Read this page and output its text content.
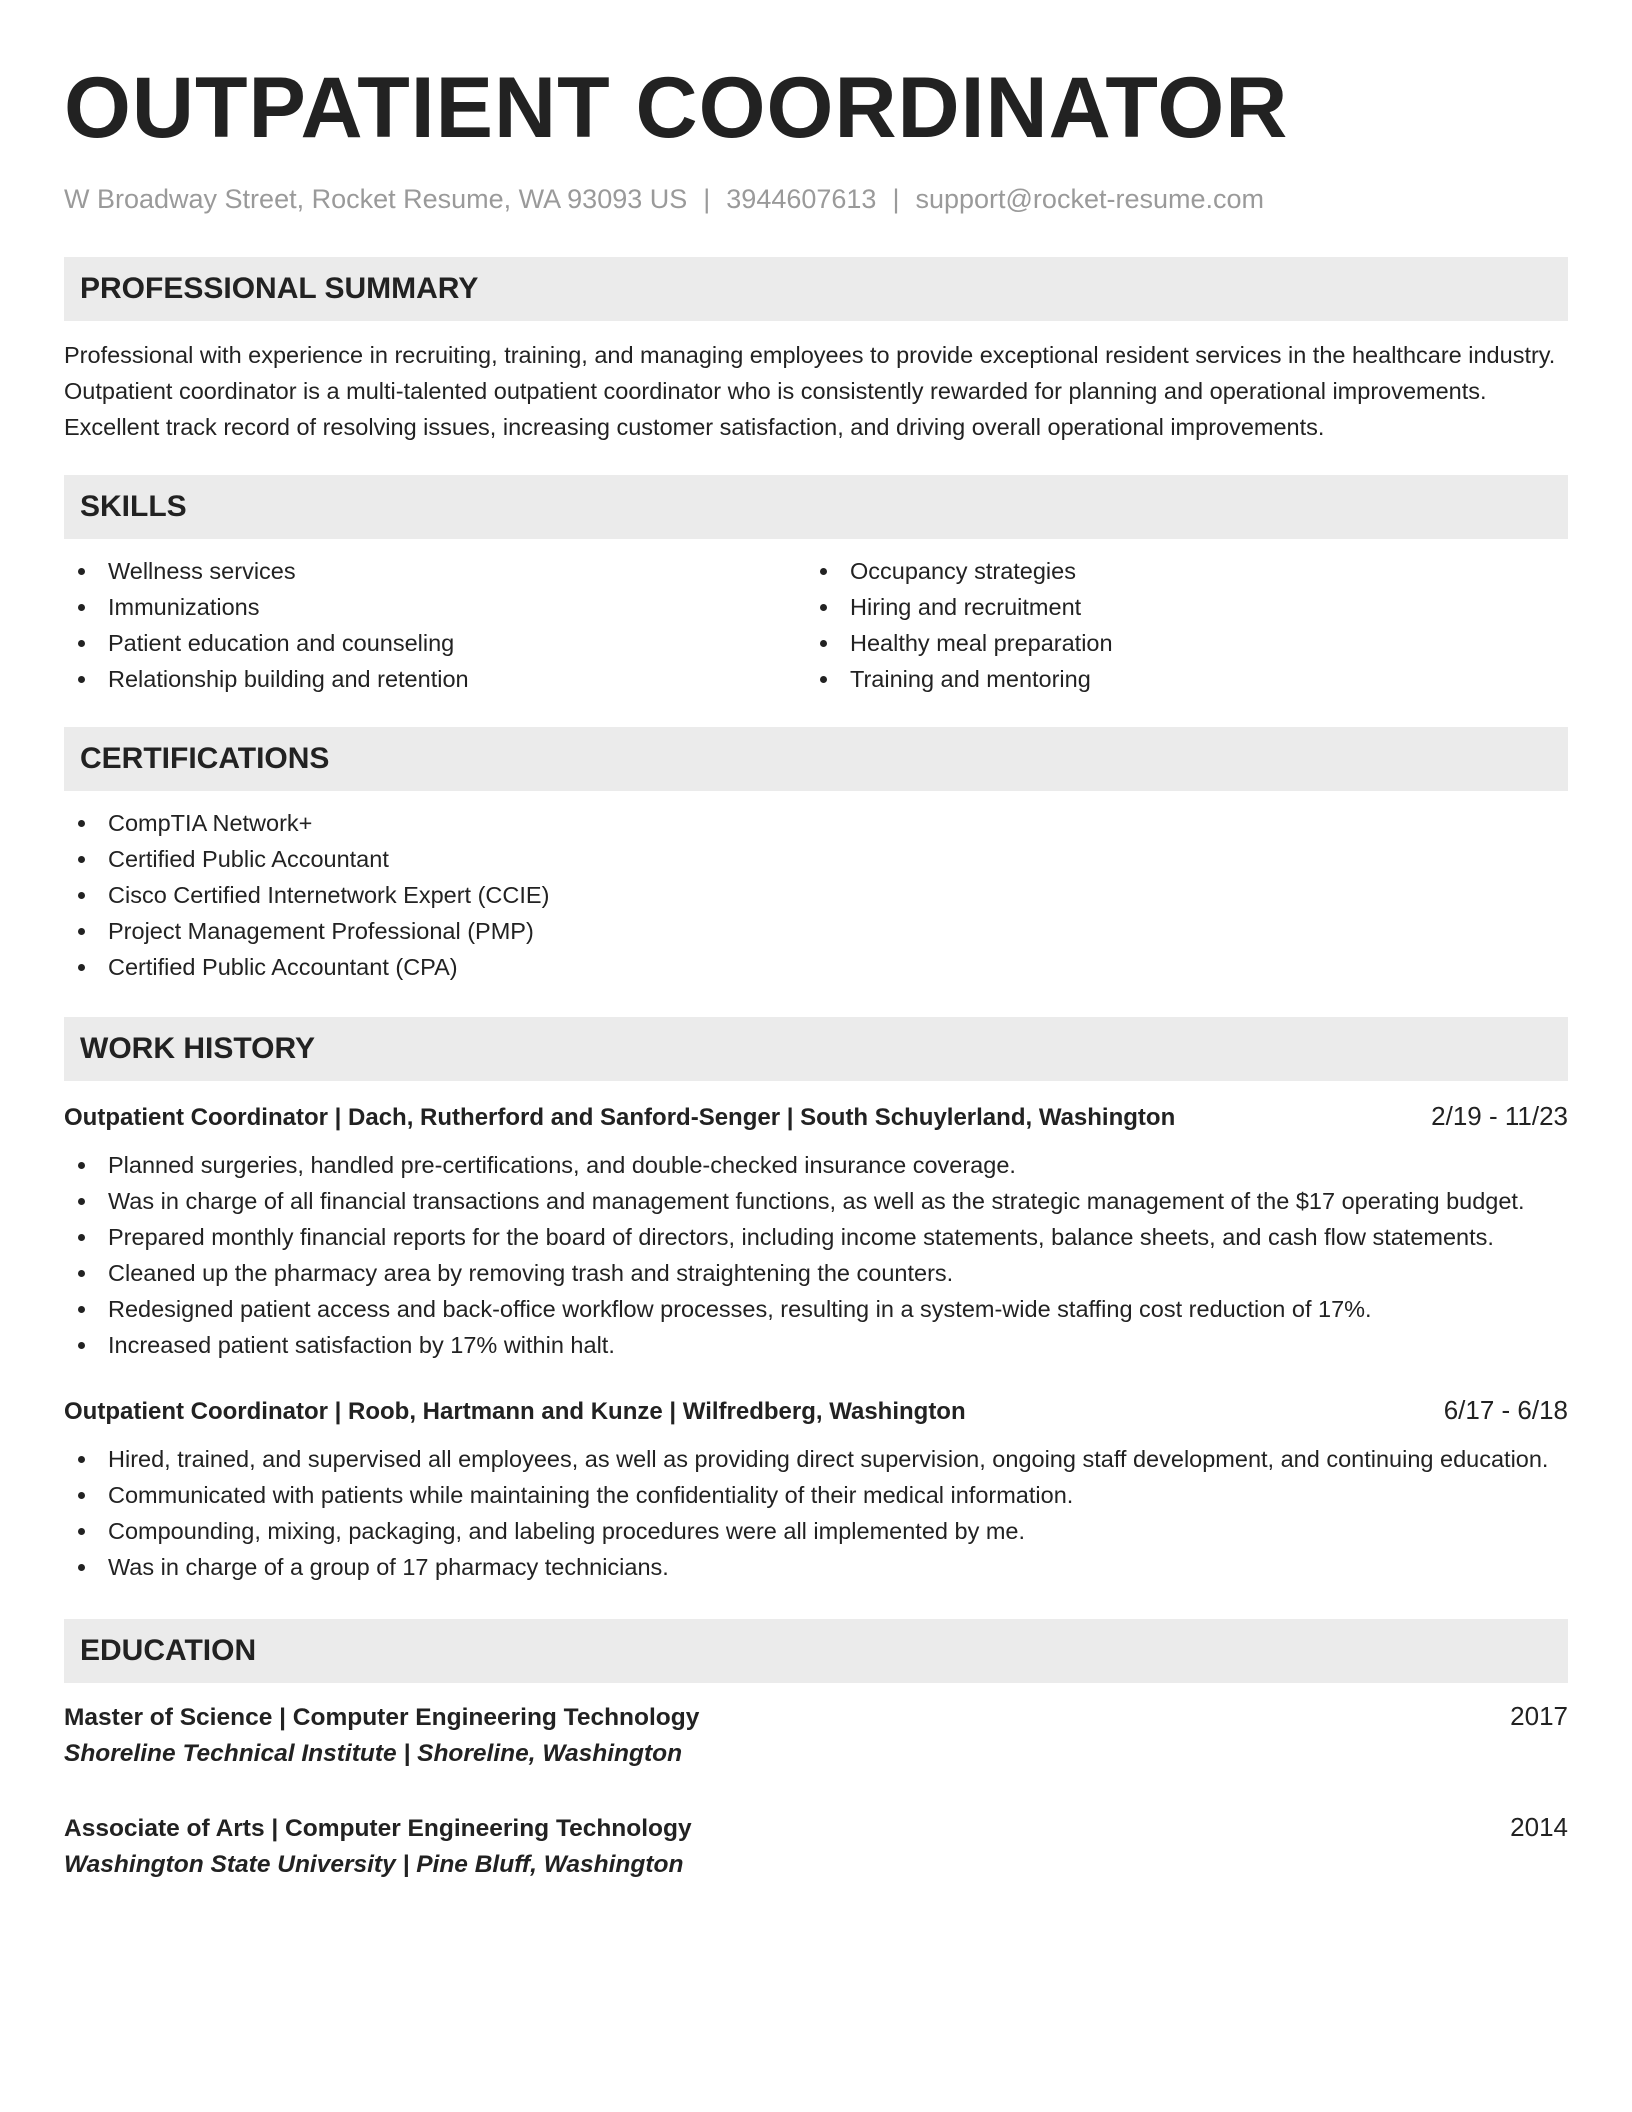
OUTPATIENT COORDINATOR
W Broadway Street, Rocket Resume, WA 93093 US | 3944607613 | support@rocket-resume.com
PROFESSIONAL SUMMARY

Professional with experience in recruiting, training, and managing employees to provide exceptional resident services in the healthcare industry. Outpatient coordinator is a multi-talented outpatient coordinator who is consistently rewarded for planning and operational improvements. Excellent track record of resolving issues, increasing customer satisfaction, and driving overall operational improvements.

SKILLS
Wellness services
Immunizations
Patient education and counseling
Relationship building and retention
Occupancy strategies
Hiring and recruitment
Healthy meal preparation
Training and mentoring
CERTIFICATIONS
CompTIA Network+
Certified Public Accountant
Cisco Certified Internetwork Expert (CCIE)
Project Management Professional (PMP)
Certified Public Accountant (CPA)
WORK HISTORY
Outpatient Coordinator | Dach, Rutherford and Sanford-Senger | South Schuylerland, Washington	2/19 - 11/23
Planned surgeries, handled pre-certifications, and double-checked insurance coverage.
Was in charge of all financial transactions and management functions, as well as the strategic management of the $17 operating budget.
Prepared monthly financial reports for the board of directors, including income statements, balance sheets, and cash flow statements.
Cleaned up the pharmacy area by removing trash and straightening the counters.
Redesigned patient access and back-office workflow processes, resulting in a system-wide staffing cost reduction of 17%.
Increased patient satisfaction by 17% within halt.
Outpatient Coordinator | Roob, Hartmann and Kunze | Wilfredberg, Washington	6/17 - 6/18
Hired, trained, and supervised all employees, as well as providing direct supervision, ongoing staff development, and continuing education.
Communicated with patients while maintaining the confidentiality of their medical information.
Compounding, mixing, packaging, and labeling procedures were all implemented by me.
Was in charge of a group of 17 pharmacy technicians.
EDUCATION
Master of Science | Computer Engineering Technology	2017
Shoreline Technical Institute | Shoreline, Washington
Associate of Arts | Computer Engineering Technology	2014
Washington State University | Pine Bluff, Washington
